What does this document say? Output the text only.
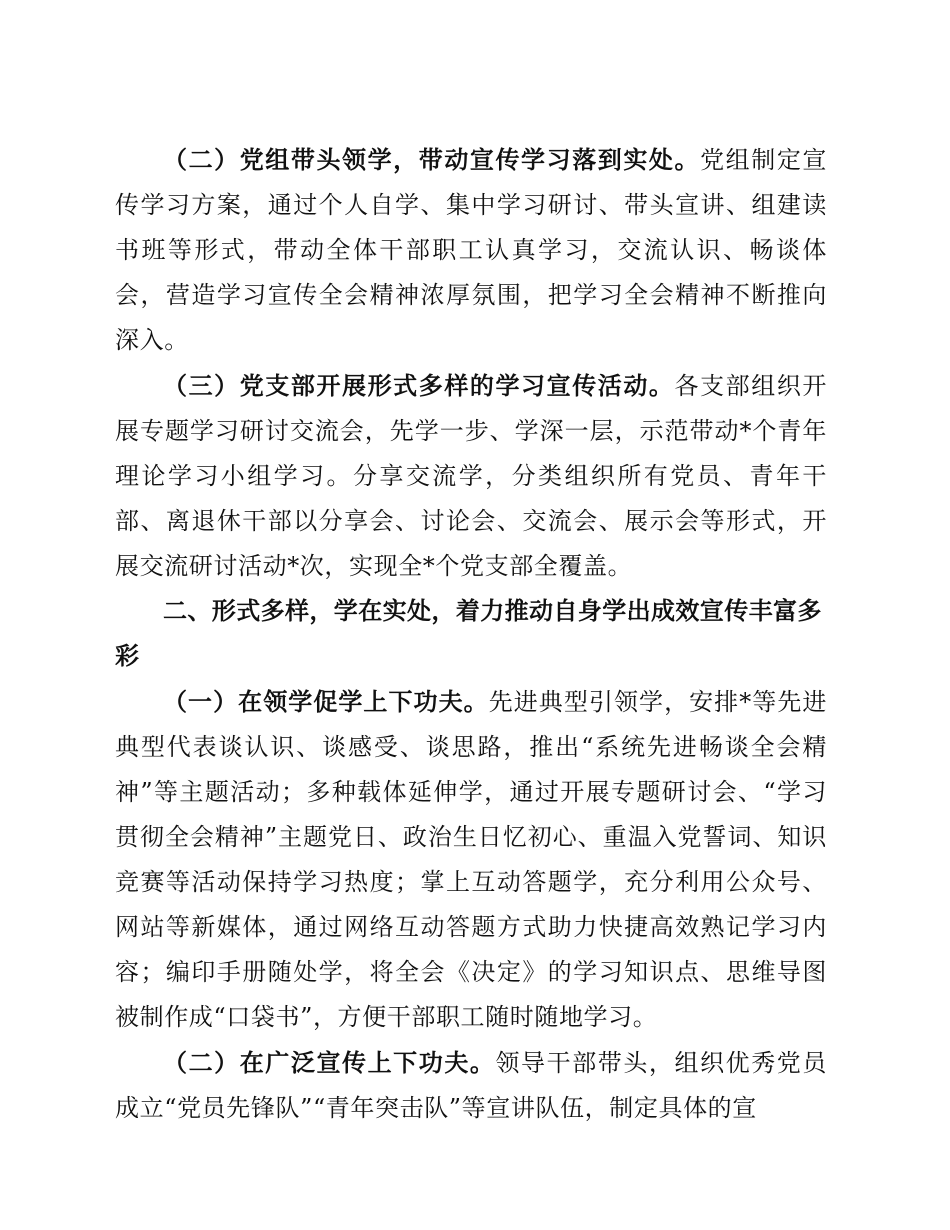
（二）党组带头领学，带动宣传学习落到实处。党组制定宣传学习方案，通过个人自学、集中学习研讨、带头宣讲、组建读书班等形式，带动全体干部职工认真学习，交流认识、畅谈体会，营造学习宣传全会精神浓厚氛围，把学习全会精神不断推向深入。

（三）党支部开展形式多样的学习宣传活动。各支部组织开展专题学习研讨交流会，先学一步、学深一层，示范带动*个青年理论学习小组学习。分享交流学，分类组织所有党员、青年干部、离退休干部以分享会、讨论会、交流会、展示会等形式，开展交流研讨活动*次，实现全*个党支部全覆盖。

二、形式多样，学在实处，着力推动自身学出成效宣传丰富多彩

（一）在领学促学上下功夫。先进典型引领学，安排*等先进典型代表谈认识、谈感受、谈思路，推出“系统先进畅谈全会精神”等主题活动；多种载体延伸学，通过开展专题研讨会、“学习贯彻全会精神”主题党日、政治生日忆初心、重温入党誓词、知识竞赛等活动保持学习热度；掌上互动答题学，充分利用公众号、网站等新媒体，通过网络互动答题方式助力快捷高效熟记学习内容；编印手册随处学，将全会《决定》的学习知识点、思维导图被制作成“口袋书”，方便干部职工随时随地学习。

（二）在广泛宣传上下功夫。领导干部带头，组织优秀党员成立“党员先锋队”“青年突击队”等宣讲队伍，制定具体的宣
